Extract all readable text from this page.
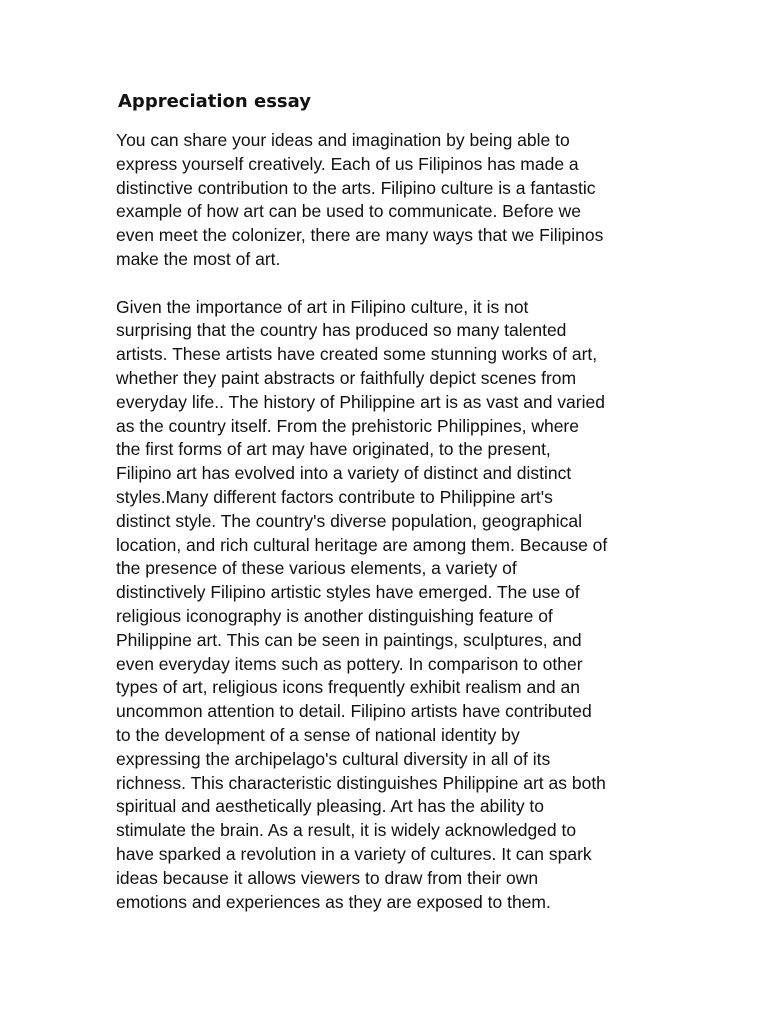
Appreciation essay
You can share your ideas and imagination by being able to
express yourself creatively. Each of us Filipinos has made a
distinctive contribution to the arts. Filipino culture is a fantastic
example of how art can be used to communicate. Before we
even meet the colonizer, there are many ways that we Filipinos
make the most of art.
Given the importance of art in Filipino culture, it is not
surprising that the country has produced so many talented
artists. These artists have created some stunning works of art,
whether they paint abstracts or faithfully depict scenes from
everyday life.. The history of Philippine art is as vast and varied
as the country itself. From the prehistoric Philippines, where
the first forms of art may have originated, to the present,
Filipino art has evolved into a variety of distinct and distinct
styles.Many different factors contribute to Philippine art's
distinct style. The country's diverse population, geographical
location, and rich cultural heritage are among them. Because of
the presence of these various elements, a variety of
distinctively Filipino artistic styles have emerged. The use of
religious iconography is another distinguishing feature of
Philippine art. This can be seen in paintings, sculptures, and
even everyday items such as pottery. In comparison to other
types of art, religious icons frequently exhibit realism and an
uncommon attention to detail. Filipino artists have contributed
to the development of a sense of national identity by
expressing the archipelago's cultural diversity in all of its
richness. This characteristic distinguishes Philippine art as both
spiritual and aesthetically pleasing. Art has the ability to
stimulate the brain. As a result, it is widely acknowledged to
have sparked a revolution in a variety of cultures. It can spark
ideas because it allows viewers to draw from their own
emotions and experiences as they are exposed to them.
